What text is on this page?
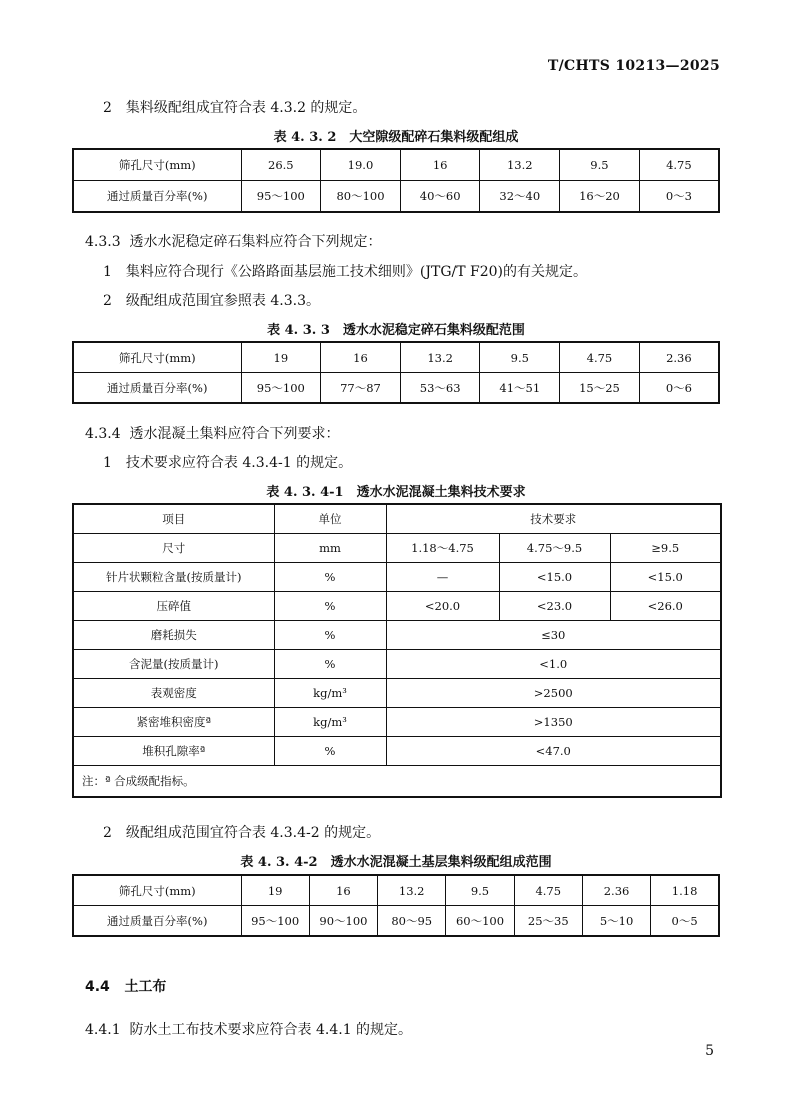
T/CHTS 10213—2025
2　集料级配组成宜符合表 4.3.2 的规定。
表 4. 3. 2　大空隙级配碎石集料级配组成
筛孔尺寸(mm)	26.5	19.0	16	13.2	9.5	4.75
通过质量百分率(%)	95～100	80～100	40～60	32～40	16～20	0～3
4.3.3 透水水泥稳定碎石集料应符合下列规定：
1　集料应符合现行《公路路面基层施工技术细则》(JTG/T F20)的有关规定。
2　级配组成范围宜参照表 4.3.3。
表 4. 3. 3　透水水泥稳定碎石集料级配范围
筛孔尺寸(mm)	19	16	13.2	9.5	4.75	2.36
通过质量百分率(%)	95～100	77～87	53～63	41～51	15～25	0～6
4.3.4 透水混凝土集料应符合下列要求：
1　技术要求应符合表 4.3.4-1 的规定。
表 4. 3. 4-1　透水水泥混凝土集料技术要求
项目	单位	技术要求		
尺寸	mm	1.18～4.75	4.75～9.5	≥9.5
针片状颗粒含量(按质量计)	%	—	<15.0	<15.0
压碎值	%	<20.0	<23.0	<26.0
磨耗损失	%	≤30		
含泥量(按质量计)	%	<1.0		
表观密度	kg/m³	>2500		
紧密堆积密度ª	kg/m³	>1350		
堆积孔隙率ª	%	<47.0		
注：ª 合成级配指标。				
2　级配组成范围宜符合表 4.3.4-2 的规定。
表 4. 3. 4-2　透水水泥混凝土基层集料级配组成范围
筛孔尺寸(mm)	19	16	13.2	9.5	4.75	2.36	1.18
通过质量百分率(%)	95～100	90～100	80～95	60～100	25～35	5～10	0～5
4.4 土工布
4.4.1 防水土工布技术要求应符合表 4.4.1 的规定。
5
